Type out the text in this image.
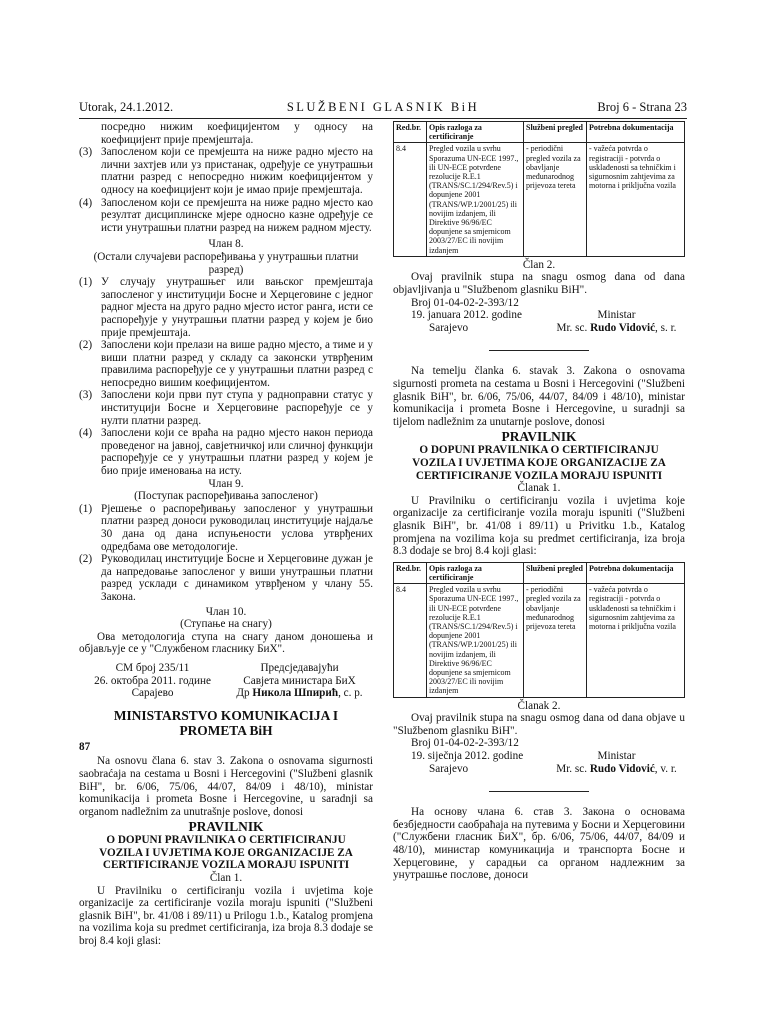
Utorak, 24.1.2012.	SLUŽBENI GLASNIK BiH	Broj 6 - Strana 23

посредно нижим коефицијентом у односу на коефицијент прије премјештаја.

(3) Запосленом који се премјешта на ниже радно мјесто на лични захтјев или уз пристанак, одређује се унутрашњи платни разред с непосредно нижим коефицијентом у односу на коефицијент који је имао прије премјештаја.
(4) Запосленом који се премјешта на ниже радно мјесто као резултат дисциплинске мјере односно казне одређује се исти унутрашњи платни разред на нижем радном мјесту.

Члан 8.

(Остали случајеви распоређивања у унутрашњи платни разред)

(1) У случају унутрашњег или вањског премјештаја запосленог у институцији Босне и Херцеговине с једног радног мјеста на друго радно мјесто истог ранга, исти се распоређује у унутрашњи платни разред у којем је био прије премјештаја.
(2) Запослени који прелази на више радно мјесто, а тиме и у виши платни разред у складу са законски утврђеним правилима распоређује се у унутрашњи платни разред с непосредно вишим коефицијентом.
(3) Запослени који први пут ступа у радноправни статус у институцији Босне и Херцеговине распоређује се у нулти платни разред.
(4) Запослени који се враћа на радно мјесто након периода проведеног на јавној, савјетничкој или сличној функцији распоређује се у унутрашњи платни разред у којем је био прије именовања на исту.

Члан 9.

(Поступак распоређивања запосленог)

(1) Рјешење о распоређивању запосленог у унутрашњи платни разред доноси руководилац институције најдаље 30 дана од дана испуњености услова утврђених одредбама ове методологије.
(2) Руководилац институције Босне и Херцеговине дужан је да напредовање запосленог у виши унутрашњи платни разред усклади с динамиком утврђеном у члану 55. Закона.

Члан 10.

(Ступање на снагу)

Ова методологија ступа на снагу даном доношења и објављује се у "Службеном гласнику БиХ".

СМ број 235/11
26. октобра 2011. године
Сарајево
Предсједавајући
Савјета министара БиХ
Др Никола Шпирић, с. р.
MINISTARSTVO KOMUNIKACIJA I
PROMETA BiH
87

Na osnovu člana 6. stav 3. Zakona o osnovama sigurnosti saobraćaja na cestama u Bosni i Hercegovini ("Službeni glasnik BiH", br. 6/06, 75/06, 44/07, 84/09 i 48/10), ministar komunikacija i prometa Bosne i Hercegovine, u saradnji sa organom nadležnim za unutrašnje poslove, donosi

PRAVILNIK
O DOPUNI PRAVILNIKA O CERTIFICIRANJU
VOZILA I UVJETIMA KOJE ORGANIZACIJE ZA
CERTIFICIRANJE VOZILA MORAJU ISPUNITI

Član 1.

U Pravilniku o certificiranju vozila i uvjetima koje organizacije za certificiranje vozila moraju ispuniti ("Službeni glasnik BiH", br. 41/08 i 89/11) u Prilogu 1.b., Katalog promjena na vozilima koja su predmet certificiranja, iza broja 8.3 dodaje se broj 8.4 koji glasi:

Red.br.	Opis razloga za certificiranje	Službeni pregled	Potrebna dokumentacija
8.4	Pregled vozila u svrhu Sporazuma UN-ECE 1997., ili UN-ECE potvrđene rezolucije R.E.1 (TRANS/SC.1/294/Rev.5) i dopunjene 2001 (TRANS/WP.1/2001/25) ili novijim izdanjem, ili Direktive 96/96/EC dopunjene sa smjernicom 2003/27/EC ili novijim izdanjem	- periodični pregled vozila za obavljanje međunarodnog prijevoza tereta	- važeća potvrda o registraciji - potvrda o usklađenosti sa tehničkim i sigurnosnim zahtjevima za motorna i priključna vozila

Član 2.

Ovaj pravilnik stupa na snagu osmog dana od dana objavljivanja u "Službenom glasniku BiH".

Broj 01-04-02-2-393/12
19. januara 2012. godine
Sarajevo

Ministar
Mr. sc. Rudo Vidović, s. r.

Na temelju članka 6. stavak 3. Zakona o osnovama sigurnosti prometa na cestama u Bosni i Hercegovini ("Službeni glasnik BiH", br. 6/06, 75/06, 44/07, 84/09 i 48/10), ministar komunikacija i prometa Bosne i Hercegovine, u suradnji sa tijelom nadležnim za unutarnje poslove, donosi

PRAVILNIK
O DOPUNI PRAVILNIKA O CERTIFICIRANJU
VOZILA I UVJETIMA KOJE ORGANIZACIJE ZA
CERTIFICIRANJE VOZILA MORAJU ISPUNITI

Članak 1.

U Pravilniku o certificiranju vozila i uvjetima koje organizacije za certificiranje vozila moraju ispuniti ("Službeni glasnik BiH", br. 41/08 i 89/11) u Privitku 1.b., Katalog promjena na vozilima koja su predmet certificiranja, iza broja 8.3 dodaje se broj 8.4 koji glasi:

Red.br.	Opis razloga za certificiranje	Službeni pregled	Potrebna dokumentacija
8.4	Pregled vozila u svrhu Sporazuma UN-ECE 1997., ili UN-ECE potvrđene rezolucije R.E.1 (TRANS/SC.1/294/Rev.5) i dopunjene 2001 (TRANS/WP.1/2001/25) ili novijim izdanjem, ili Direktive 96/96/EC dopunjene sa smjernicom 2003/27/EC ili novijim izdanjem	- periodični pregled vozila za obavljanje međunarodnog prijevoza tereta	- važeća potvrda o registraciji - potvrda o usklađenosti sa tehničkim i sigurnosnim zahtjevima za motorna i priključna vozila

Članak 2.

Ovaj pravilnik stupa na snagu osmog dana od dana objave u "Službenom glasniku BiH".

Broj 01-04-02-2-393/12
19. siječnja 2012. godine
Sarajevo

Ministar
Mr. sc. Rudo Vidović, v. r.

На основу члана 6. став 3. Закона о основама безбједности саобраћаја на путевима у Босни и Херцеговини ("Службени гласник БиХ", бр. 6/06, 75/06, 44/07, 84/09 и 48/10), министар комуникација и транспорта Босне и Херцеговине, у сарадњи са органом надлежним за унутрашње послове, доноси
